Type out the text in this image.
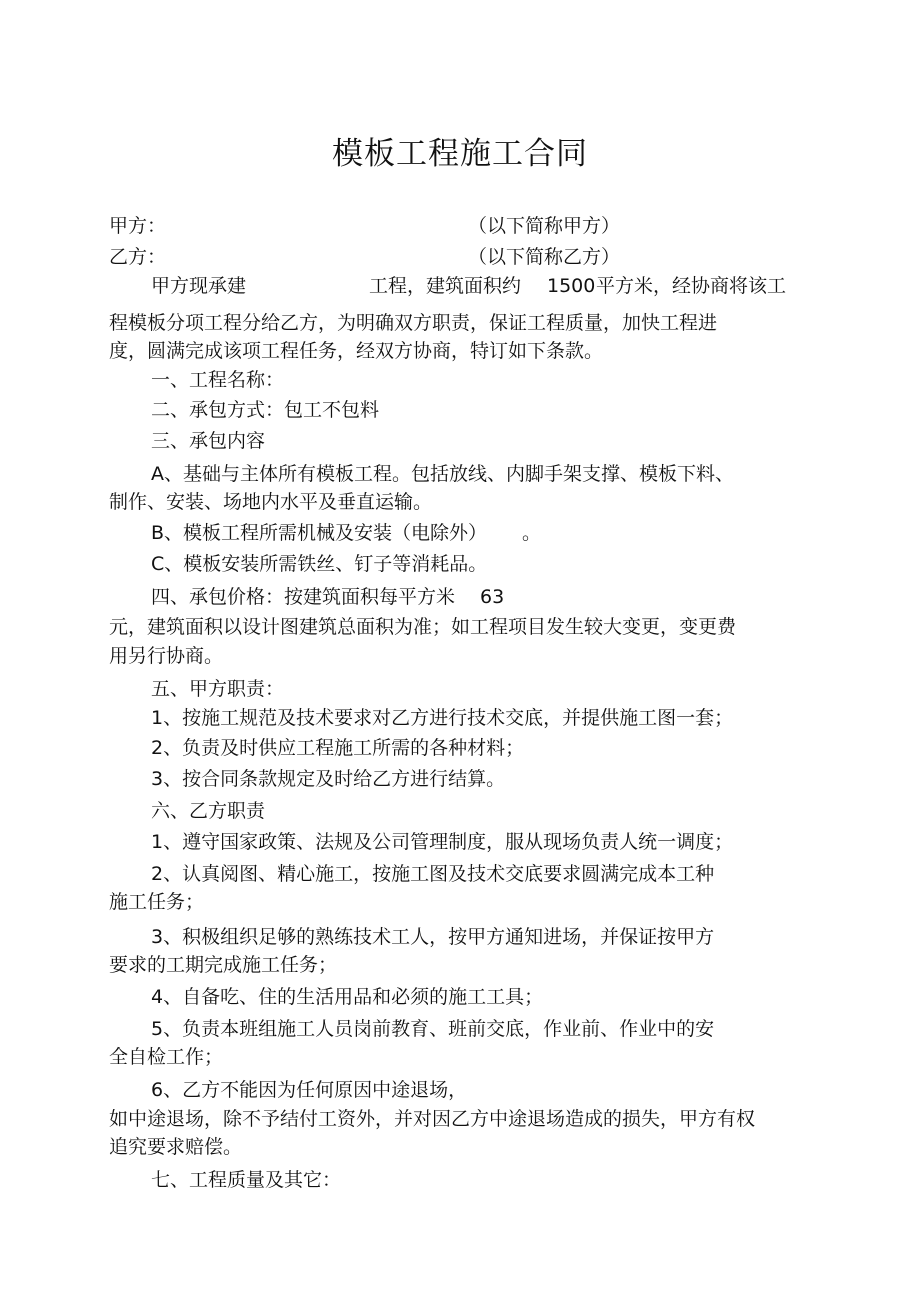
模板工程施工合同
甲方：	（以下简称甲方）
乙方：	（以下简称乙方）
甲方现承建	工程，建筑面积约 1500 平方米，经协商将该工
程模板分项工程分给乙方，为明确双方职责，保证工程质量，加快工程进
度，圆满完成该项工程任务，经双方协商，特订如下条款。
一、工程名称：
二、承包方式：包工不包料
三、承包内容
A、基础与主体所有模板工程。包括放线、内脚手架支撑、模板下料、
制作、安装、场地内水平及垂直运输。
B、模板工程所需机械及安装（电除外） 。
C、模板安装所需铁丝、钉子等消耗品。
四、承包价格：按建筑面积每平方米 63
元，建筑面积以设计图建筑总面积为准；如工程项目发生较大变更，变更费
用另行协商。
五、甲方职责：
1、按施工规范及技术要求对乙方进行技术交底，并提供施工图一套；
2、负责及时供应工程施工所需的各种材料；
3、按合同条款规定及时给乙方进行结算。
六、乙方职责
1、遵守国家政策、法规及公司管理制度，服从现场负责人统一调度；
2、认真阅图、精心施工，按施工图及技术交底要求圆满完成本工种
施工任务；
3、积极组织足够的熟练技术工人，按甲方通知进场，并保证按甲方
要求的工期完成施工任务；
4、自备吃、住的生活用品和必须的施工工具；
5、负责本班组施工人员岗前教育、班前交底，作业前、作业中的安
全自检工作；
6、乙方不能因为任何原因中途退场，
如中途退场，除不予结付工资外，并对因乙方中途退场造成的损失，甲方有权
追究要求赔偿。
七、工程质量及其它：
